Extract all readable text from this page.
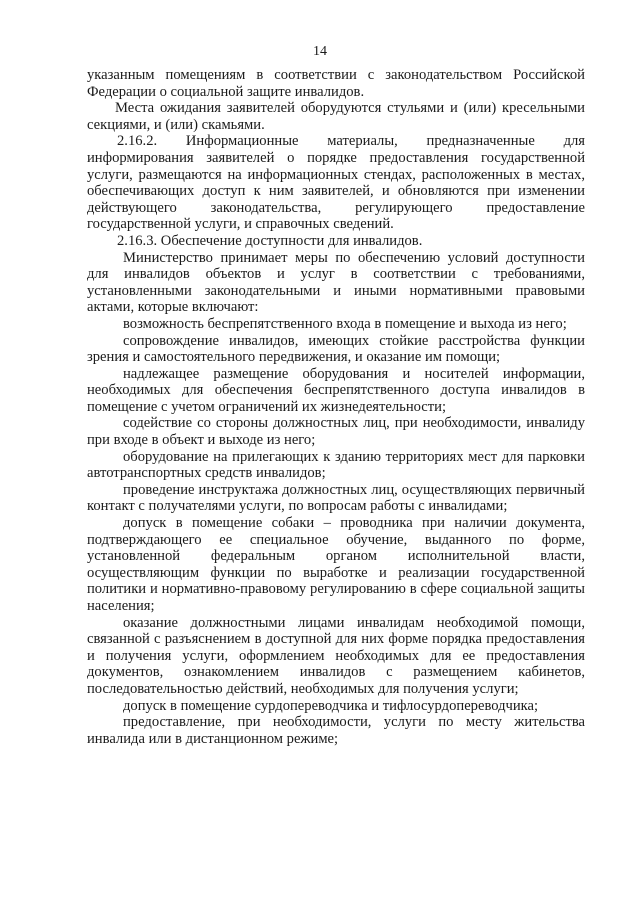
14

указанным помещениям в соответствии с законодательством Российской Федерации о социальной защите инвалидов.

Места ожидания заявителей оборудуются стульями и (или) кресельными секциями, и (или) скамьями.

2.16.2. Информационные материалы, предназначенные для информирования заявителей о порядке предоставления государственной услуги, размещаются на информационных стендах, расположенных в местах, обеспечивающих доступ к ним заявителей, и обновляются при изменении действующего законодательства, регулирующего предоставление государственной услуги, и справочных сведений.

2.16.3. Обеспечение доступности для инвалидов.

Министерство принимает меры по обеспечению условий доступности для инвалидов объектов и услуг в соответствии с требованиями, установленными законодательными и иными нормативными правовыми актами, которые включают:

возможность беспрепятственного входа в помещение и выхода из него;

сопровождение инвалидов, имеющих стойкие расстройства функции зрения и самостоятельного передвижения, и оказание им помощи;

надлежащее размещение оборудования и носителей информации, необходимых для обеспечения беспрепятственного доступа инвалидов в помещение с учетом ограничений их жизнедеятельности;

содействие со стороны должностных лиц, при необходимости, инвалиду при входе в объект и выходе из него;

оборудование на прилегающих к зданию территориях мест для парковки автотранспортных средств инвалидов;

проведение инструктажа должностных лиц, осуществляющих первичный контакт с получателями услуги, по вопросам работы с инвалидами;

допуск в помещение собаки – проводника при наличии документа, подтверждающего ее специальное обучение, выданного по форме, установленной федеральным органом исполнительной власти, осуществляющим функции по выработке и реализации государственной политики и нормативно-правовому регулированию в сфере социальной защиты населения;

оказание должностными лицами инвалидам необходимой помощи, связанной с разъяснением в доступной для них форме порядка предоставления и получения услуги, оформлением необходимых для ее предоставления документов, ознакомлением инвалидов с размещением кабинетов, последовательностью действий, необходимых для получения услуги;

допуск в помещение сурдопереводчика и тифлосурдопереводчика;

предоставление, при необходимости, услуги по месту жительства инвалида или в дистанционном режиме;
